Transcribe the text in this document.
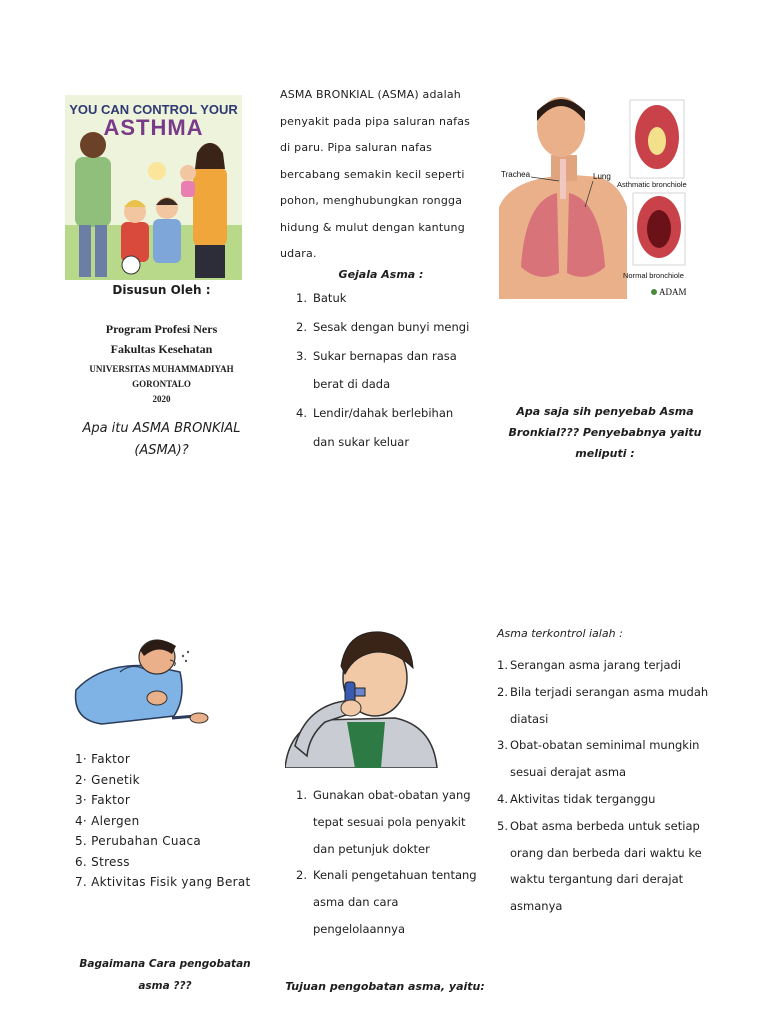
YOU CAN CONTROL YOUR
ASTHMA
Disusun Oleh :
Program Profesi Ners
Fakultas Kesehatan
UNIVERSITAS MUHAMMADIYAH
GORONTALO
2020
Apa itu ASMA BRONKIAL
(ASMA)?
ASMA BRONKIAL (ASMA) adalah
penyakit pada pipa saluran nafas
di paru. Pipa saluran nafas
bercabang semakin kecil seperti
pohon, menghubungkan rongga
hidung & mulut dengan kantung
udara.
Gejala Asma :
1. Batuk
2. Sesak dengan bunyi mengi
3. Sukar bernapas dan rasa
berat di dada
4. Lendir/dahak berlebihan
dan sukar keluar
Trachea	Lung
Asthmatic bronchiole
Normal bronchiole
ADAM
Apa saja sih penyebab Asma
Bronkial??? Penyebabnya yaitu
meliputi :
1· Faktor
2· Genetik
3· Faktor
4· Alergen
5. Perubahan Cuaca
6. Stress
7. Aktivitas Fisik yang Berat
Bagaimana Cara pengobatan
asma ???
1. Gunakan obat-obatan yang
tepat sesuai pola penyakit
dan petunjuk dokter
2. Kenali pengetahuan tentang
asma dan cara
pengelolaannya
Tujuan pengobatan asma, yaitu:
Asma terkontrol ialah :
1. Serangan asma jarang terjadi
2. Bila terjadi serangan asma mudah
diatasi
3. Obat-obatan seminimal mungkin
sesuai derajat asma
4. Aktivitas tidak terganggu
5. Obat asma berbeda untuk setiap
orang dan berbeda dari waktu ke
waktu tergantung dari derajat
asmanya
